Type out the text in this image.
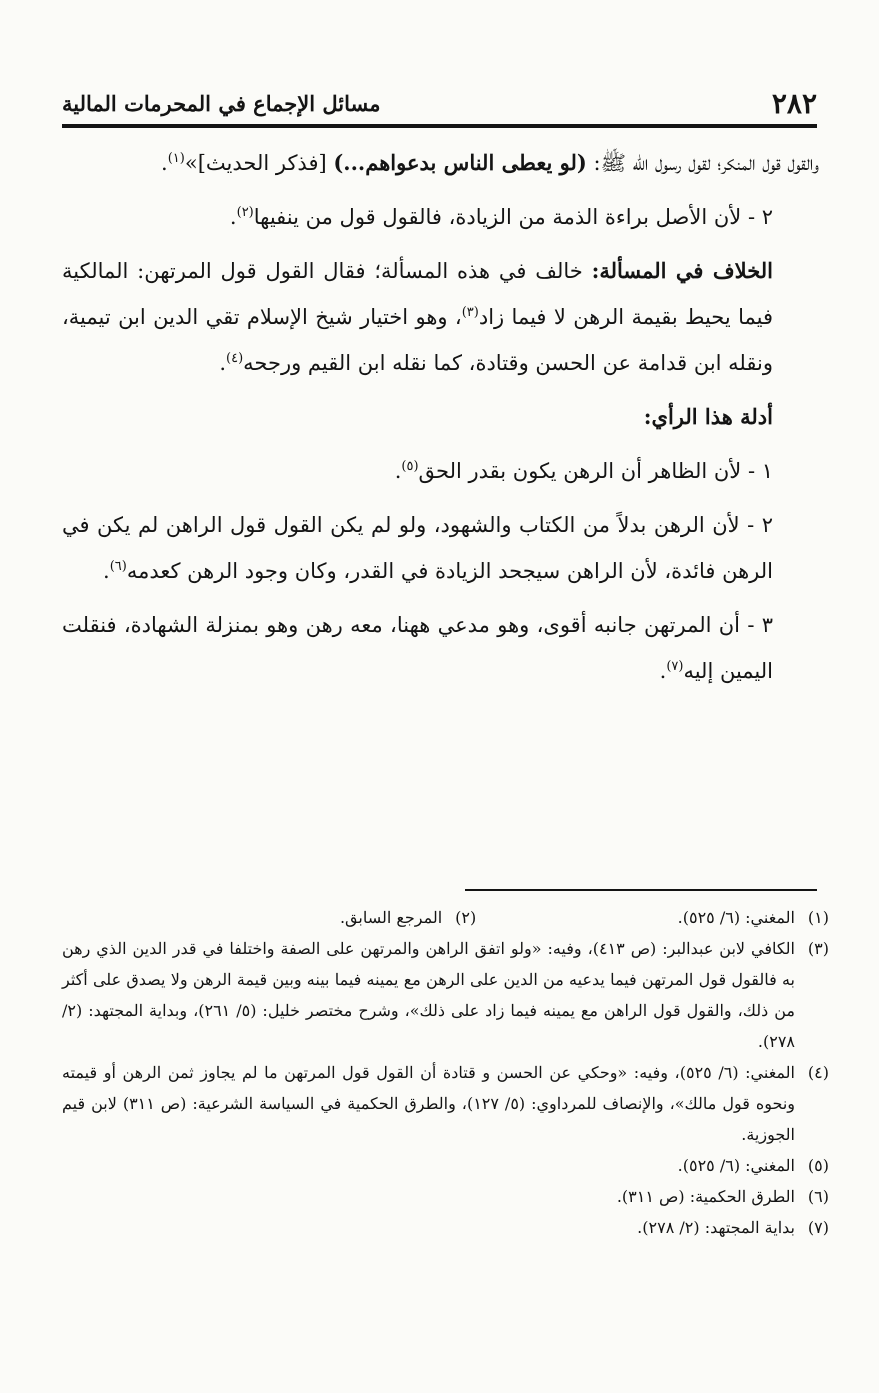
٢٨٢
مسائل الإجماع في المحرمات المالية

والقول قول المنكر؛ لقول رسول الله ﷺ: (لو يعطى الناس بدعواهم...) [فذكر الحديث]»$^{(١)}$.

٢ - لأن الأصل براءة الذمة من الزيادة، فالقول قول من ينفيها$^{(٢)}$.

الخلاف في المسألة: خالف في هذه المسألة؛ فقال القول قول المرتهن: المالكية فيما يحيط بقيمة الرهن لا فيما زاد$^{(٣)}$، وهو اختيار شيخ الإسلام تقي الدين ابن تيمية، ونقله ابن قدامة عن الحسن وقتادة، كما نقله ابن القيم ورجحه$^{(٤)}$.

أدلة هذا الرأي:

١ - لأن الظاهر أن الرهن يكون بقدر الحق$^{(٥)}$.

٢ - لأن الرهن بدلاً من الكتاب والشهود، ولو لم يكن القول قول الراهن لم يكن في الرهن فائدة، لأن الراهن سيجحد الزيادة في القدر، وكان وجود الرهن كعدمه$^{(٦)}$.

٣ - أن المرتهن جانبه أقوى، وهو مدعي ههنا، معه رهن وهو بمنزلة الشهادة، فنقلت اليمين إليه$^{(٧)}$.

(١)
المغني: (٦/ ٥٢٥).
(٢)
المرجع السابق.
(٣)
الكافي لابن عبدالبر: (ص ٤١٣)، وفيه: «ولو اتفق الراهن والمرتهن على الصفة واختلفا في قدر الدين الذي رهن به فالقول قول المرتهن فيما يدعيه من الدين على الرهن مع يمينه فيما بينه وبين قيمة الرهن ولا يصدق على أكثر من ذلك، والقول قول الراهن مع يمينه فيما زاد على ذلك»، وشرح مختصر خليل: (٥/ ٢٦١)، وبداية المجتهد: (٢/ ٢٧٨).
(٤)
المغني: (٦/ ٥٢٥)، وفيه: «وحكي عن الحسن و قتادة أن القول قول المرتهن ما لم يجاوز ثمن الرهن أو قيمته ونحوه قول مالك»، والإنصاف للمرداوي: (٥/ ١٢٧)، والطرق الحكمية في السياسة الشرعية: (ص ٣١١) لابن قيم الجوزية.
(٥)
المغني: (٦/ ٥٢٥).
(٦)
الطرق الحكمية: (ص ٣١١).
(٧)
بداية المجتهد: (٢/ ٢٧٨).
